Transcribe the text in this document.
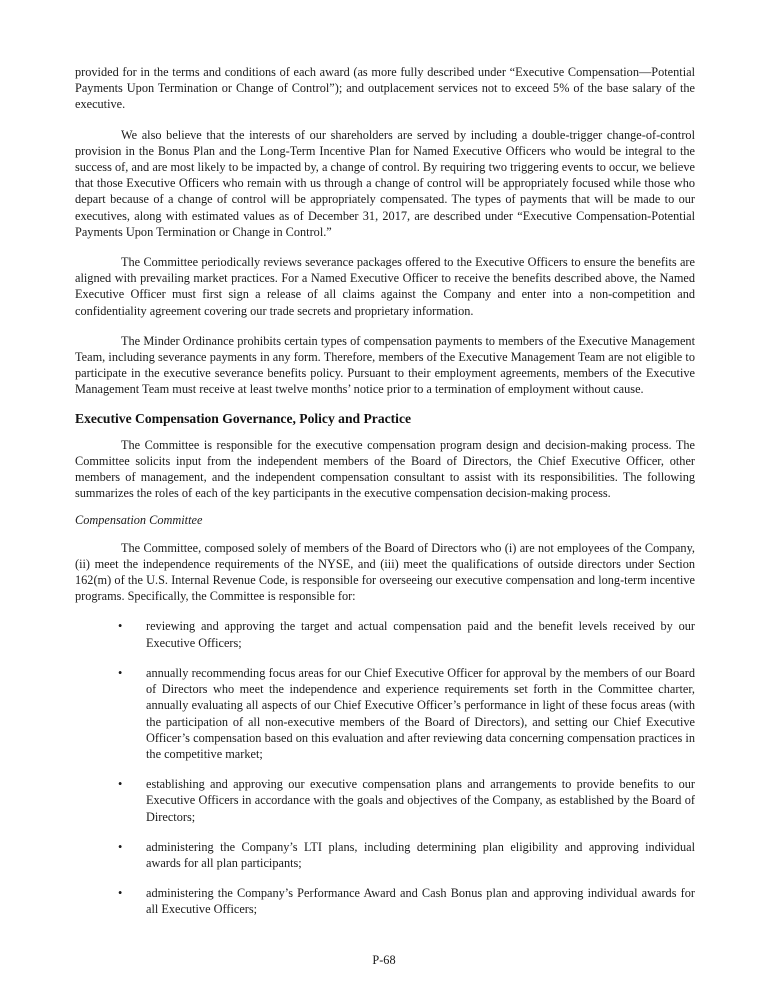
provided for in the terms and conditions of each award (as more fully described under “Executive Compensation—Potential Payments Upon Termination or Change of Control”); and outplacement services not to exceed 5% of the base salary of the executive.

We also believe that the interests of our shareholders are served by including a double-trigger change-of-control provision in the Bonus Plan and the Long-Term Incentive Plan for Named Executive Officers who would be integral to the success of, and are most likely to be impacted by, a change of control. By requiring two triggering events to occur, we believe that those Executive Officers who remain with us through a change of control will be appropriately focused while those who depart because of a change of control will be appropriately compensated. The types of payments that will be made to our executives, along with estimated values as of December 31, 2017, are described under “Executive Compensation-Potential Payments Upon Termination or Change in Control.”

The Committee periodically reviews severance packages offered to the Executive Officers to ensure the benefits are aligned with prevailing market practices. For a Named Executive Officer to receive the benefits described above, the Named Executive Officer must first sign a release of all claims against the Company and enter into a non-competition and confidentiality agreement covering our trade secrets and proprietary information.

The Minder Ordinance prohibits certain types of compensation payments to members of the Executive Management Team, including severance payments in any form. Therefore, members of the Executive Management Team are not eligible to participate in the executive severance benefits policy. Pursuant to their employment agreements, members of the Executive Management Team must receive at least twelve months’ notice prior to a termination of employment without cause.

Executive Compensation Governance, Policy and Practice

The Committee is responsible for the executive compensation program design and decision-making process. The Committee solicits input from the independent members of the Board of Directors, the Chief Executive Officer, other members of management, and the independent compensation consultant to assist with its responsibilities. The following summarizes the roles of each of the key participants in the executive compensation decision-making process.

Compensation Committee

The Committee, composed solely of members of the Board of Directors who (i) are not employees of the Company, (ii) meet the independence requirements of the NYSE, and (iii) meet the qualifications of outside directors under Section 162(m) of the U.S. Internal Revenue Code, is responsible for overseeing our executive compensation and long-term incentive programs. Specifically, the Committee is responsible for:

•	reviewing and approving the target and actual compensation paid and the benefit levels received by our Executive Officers;
•	annually recommending focus areas for our Chief Executive Officer for approval by the members of our Board of Directors who meet the independence and experience requirements set forth in the Committee charter, annually evaluating all aspects of our Chief Executive Officer’s performance in light of these focus areas (with the participation of all non-executive members of the Board of Directors), and setting our Chief Executive Officer’s compensation based on this evaluation and after reviewing data concerning compensation practices in the competitive market;
•	establishing and approving our executive compensation plans and arrangements to provide benefits to our Executive Officers in accordance with the goals and objectives of the Company, as established by the Board of Directors;
•	administering the Company’s LTI plans, including determining plan eligibility and approving individual awards for all plan participants;
•	administering the Company’s Performance Award and Cash Bonus plan and approving individual awards for all Executive Officers;
P-68
